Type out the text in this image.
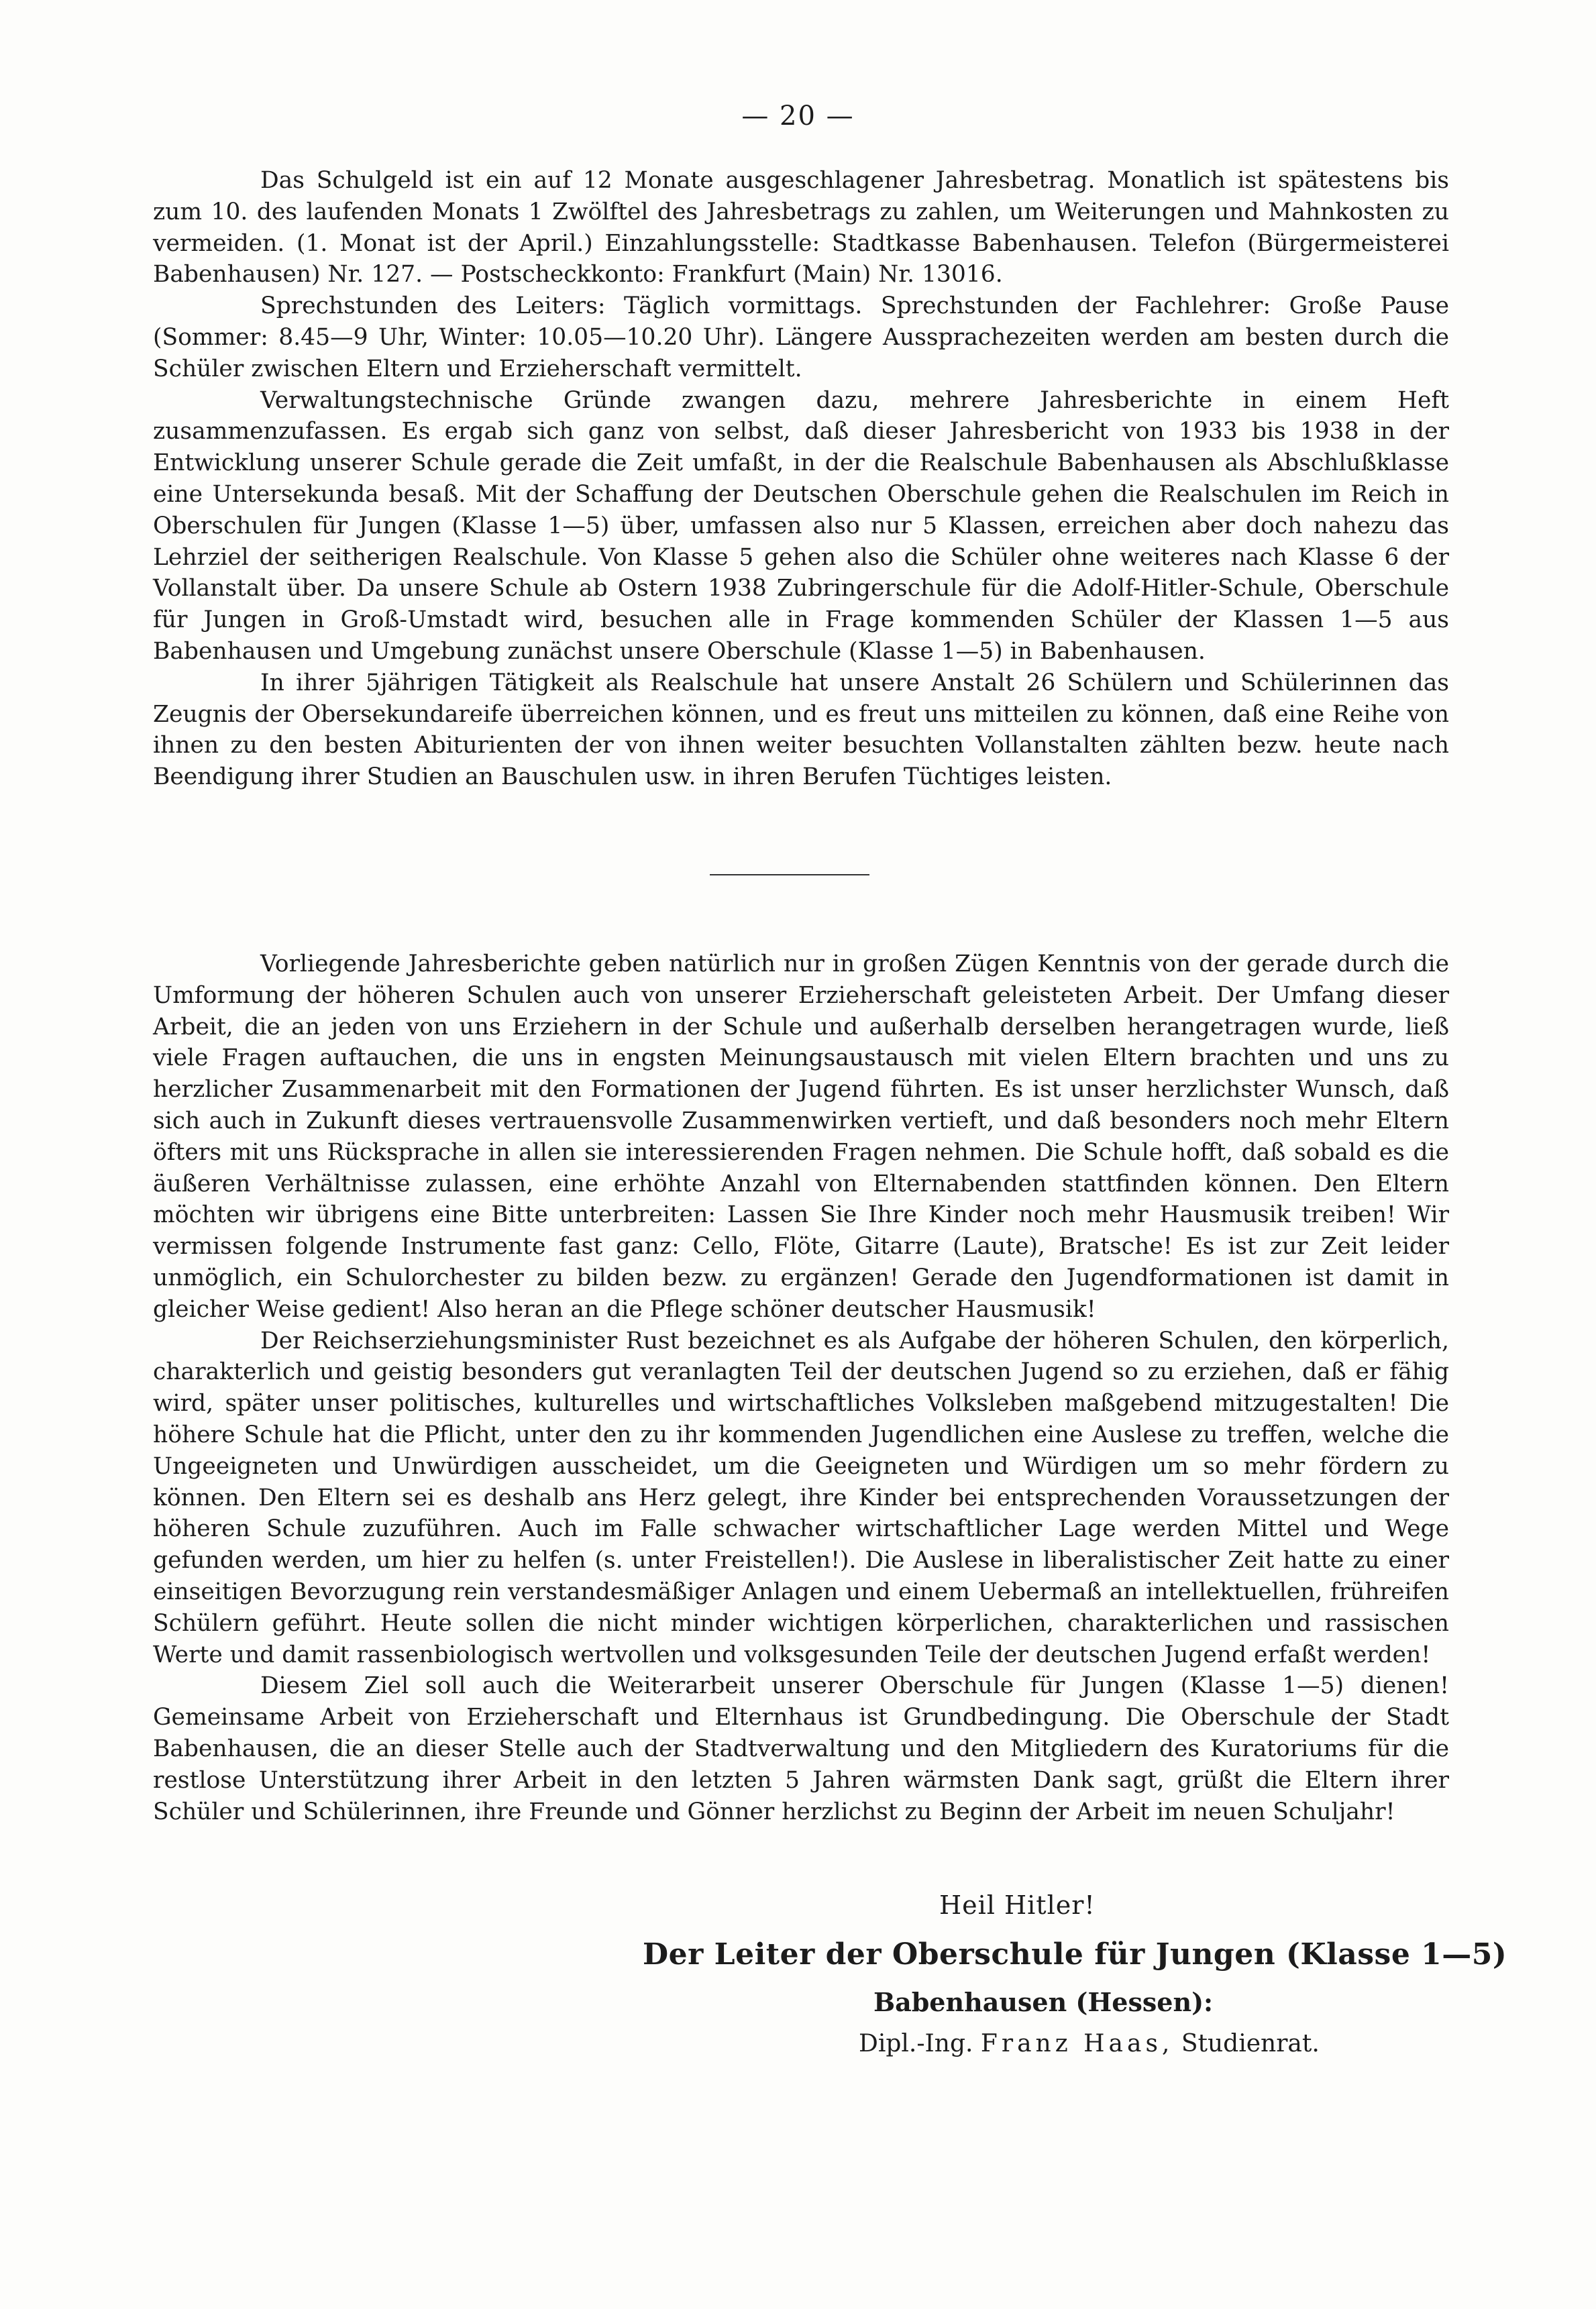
— 20 —

Das Schulgeld ist ein auf 12 Monate ausgeschlagener Jahresbetrag. Monatlich ist spätestens bis zum 10. des laufenden Monats 1 Zwölftel des Jahresbetrags zu zahlen, um Weiterungen und Mahnkosten zu vermeiden. (1. Monat ist der April.) Einzahlungsstelle: Stadtkasse Babenhausen. Telefon (Bürgermeisterei Babenhausen) Nr. 127. — Postscheckkonto: Frankfurt (Main) Nr. 13016.

Sprechstunden des Leiters: Täglich vormittags. Sprechstunden der Fachlehrer: Große Pause (Sommer: 8.45—9 Uhr, Winter: 10.05—10.20 Uhr). Längere Aussprachezeiten werden am besten durch die Schüler zwischen Eltern und Erzieherschaft vermittelt.

Verwaltungstechnische Gründe zwangen dazu, mehrere Jahresberichte in einem Heft zusammenzufassen. Es ergab sich ganz von selbst, daß dieser Jahresbericht von 1933 bis 1938 in der Entwicklung unserer Schule gerade die Zeit umfaßt, in der die Realschule Babenhausen als Abschlußklasse eine Untersekunda besaß. Mit der Schaffung der Deutschen Oberschule gehen die Realschulen im Reich in Oberschulen für Jungen (Klasse 1—5) über, umfassen also nur 5 Klassen, erreichen aber doch nahezu das Lehrziel der seitherigen Realschule. Von Klasse 5 gehen also die Schüler ohne weiteres nach Klasse 6 der Vollanstalt über. Da unsere Schule ab Ostern 1938 Zubringerschule für die Adolf-Hitler-Schule, Oberschule für Jungen in Groß-Umstadt wird, besuchen alle in Frage kommenden Schüler der Klassen 1—5 aus Babenhausen und Umgebung zunächst unsere Oberschule (Klasse 1—5) in Babenhausen.

In ihrer 5jährigen Tätigkeit als Realschule hat unsere Anstalt 26 Schülern und Schülerinnen das Zeugnis der Obersekundareife überreichen können, und es freut uns mitteilen zu können, daß eine Reihe von ihnen zu den besten Abiturienten der von ihnen weiter besuchten Vollanstalten zählten bezw. heute nach Beendigung ihrer Studien an Bauschulen usw. in ihren Berufen Tüchtiges leisten.

Vorliegende Jahresberichte geben natürlich nur in großen Zügen Kenntnis von der gerade durch die Umformung der höheren Schulen auch von unserer Erzieherschaft geleisteten Arbeit. Der Umfang dieser Arbeit, die an jeden von uns Erziehern in der Schule und außerhalb derselben herangetragen wurde, ließ viele Fragen auftauchen, die uns in engsten Meinungsaustausch mit vielen Eltern brachten und uns zu herzlicher Zusammenarbeit mit den Formationen der Jugend führten. Es ist unser herzlichster Wunsch, daß sich auch in Zukunft dieses vertrauensvolle Zusammenwirken vertieft, und daß besonders noch mehr Eltern öfters mit uns Rücksprache in allen sie interessierenden Fragen nehmen. Die Schule hofft, daß sobald es die äußeren Verhältnisse zulassen, eine erhöhte Anzahl von Elternabenden stattfinden können. Den Eltern möchten wir übrigens eine Bitte unterbreiten: Lassen Sie Ihre Kinder noch mehr Hausmusik treiben! Wir vermissen folgende Instrumente fast ganz: Cello, Flöte, Gitarre (Laute), Bratsche! Es ist zur Zeit leider unmöglich, ein Schulorchester zu bilden bezw. zu ergänzen! Gerade den Jugendformationen ist damit in gleicher Weise gedient! Also heran an die Pflege schöner deutscher Hausmusik!

Der Reichserziehungsminister Rust bezeichnet es als Aufgabe der höheren Schulen, den körperlich, charakterlich und geistig besonders gut veranlagten Teil der deutschen Jugend so zu erziehen, daß er fähig wird, später unser politisches, kulturelles und wirtschaftliches Volksleben maßgebend mitzugestalten! Die höhere Schule hat die Pflicht, unter den zu ihr kommenden Jugendlichen eine Auslese zu treffen, welche die Ungeeigneten und Unwürdigen ausscheidet, um die Geeigneten und Würdigen um so mehr fördern zu können. Den Eltern sei es deshalb ans Herz gelegt, ihre Kinder bei entsprechenden Voraussetzungen der höheren Schule zuzuführen. Auch im Falle schwacher wirtschaftlicher Lage werden Mittel und Wege gefunden werden, um hier zu helfen (s. unter Freistellen!). Die Auslese in liberalistischer Zeit hatte zu einer einseitigen Bevorzugung rein verstandesmäßiger Anlagen und einem Uebermaß an intellektuellen, frühreifen Schülern geführt. Heute sollen die nicht minder wichtigen körperlichen, charakterlichen und rassischen Werte und damit rassenbiologisch wertvollen und volksgesunden Teile der deutschen Jugend erfaßt werden!

Diesem Ziel soll auch die Weiterarbeit unserer Oberschule für Jungen (Klasse 1—5) dienen! Gemeinsame Arbeit von Erzieherschaft und Elternhaus ist Grundbedingung. Die Oberschule der Stadt Babenhausen, die an dieser Stelle auch der Stadtverwaltung und den Mitgliedern des Kuratoriums für die restlose Unterstützung ihrer Arbeit in den letzten 5 Jahren wärmsten Dank sagt, grüßt die Eltern ihrer Schüler und Schülerinnen, ihre Freunde und Gönner herzlichst zu Beginn der Arbeit im neuen Schuljahr!

Heil Hitler!
Der Leiter der Oberschule für Jungen (Klasse 1—5)
Babenhausen (Hessen):
Dipl.-Ing. Franz Haas, Studienrat.
